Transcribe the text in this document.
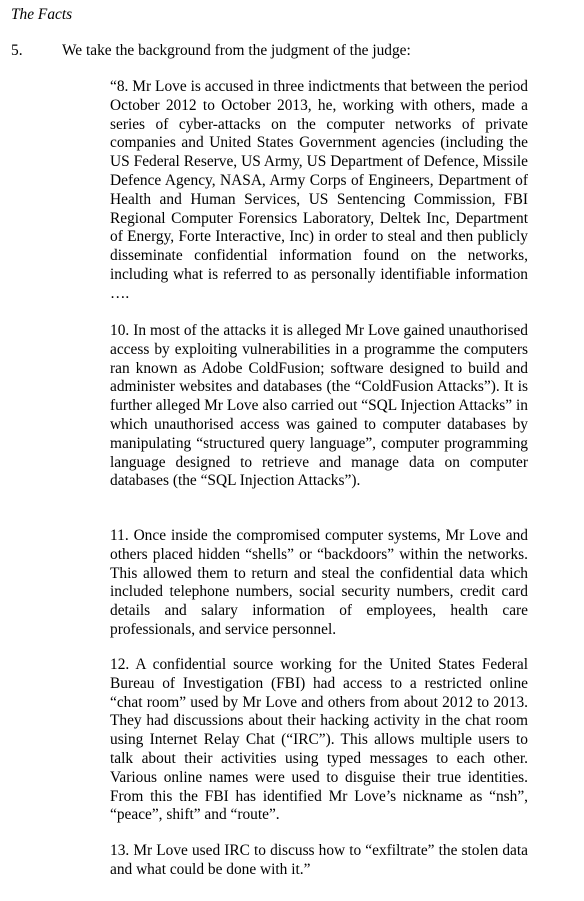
The Facts
5.	We take the background from the judgment of the judge:

“8. Mr Love is accused in three indictments that between the period October 2012 to October 2013, he, working with others, made a series of cyber-attacks on the computer networks of private companies and United States Government agencies (including the US Federal Reserve, US Army, US Department of Defence, Missile Defence Agency, NASA, Army Corps of Engineers, Department of Health and Human Services, US Sentencing Commission, FBI Regional Computer Forensics Laboratory, Deltek Inc, Department of Energy, Forte Interactive, Inc) in order to steal and then publicly disseminate confidential information found on the networks, including what is referred to as personally identifiable information ….

10. In most of the attacks it is alleged Mr Love gained unauthorised access by exploiting vulnerabilities in a programme the computers ran known as Adobe ColdFusion; software designed to build and administer websites and databases (the “ColdFusion Attacks”). It is further alleged Mr Love also carried out “SQL Injection Attacks” in which unauthorised access was gained to computer databases by manipulating “structured query language”, computer programming language designed to retrieve and manage data on computer databases (the “SQL Injection Attacks”).

11. Once inside the compromised computer systems, Mr Love and others placed hidden “shells” or “backdoors” within the networks. This allowed them to return and steal the confidential data which included telephone numbers, social security numbers, credit card details and salary information of employees, health care professionals, and service personnel.

12. A confidential source working for the United States Federal Bureau of Investigation (FBI) had access to a restricted online “chat room” used by Mr Love and others from about 2012 to 2013. They had discussions about their hacking activity in the chat room using Internet Relay Chat (“IRC”). This allows multiple users to talk about their activities using typed messages to each other. Various online names were used to disguise their true identities. From this the FBI has identified Mr Love’s nickname as “nsh”, “peace”, shift” and “route”.

13. Mr Love used IRC to discuss how to “exfiltrate” the stolen data and what could be done with it.”
